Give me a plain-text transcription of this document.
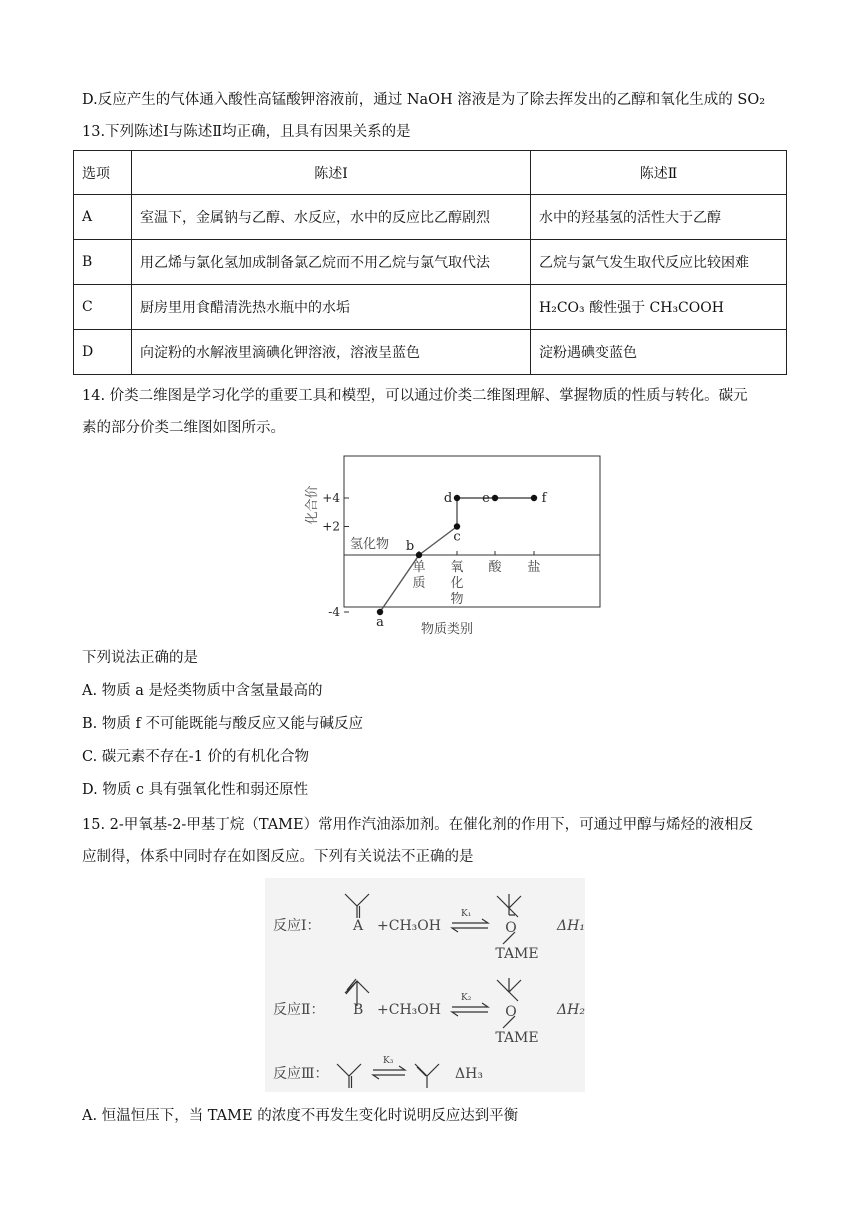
D.反应产生的气体通入酸性高锰酸钾溶液前，通过 NaOH 溶液是为了除去挥发出的乙醇和氧化生成的 SO₂
13.下列陈述Ⅰ与陈述Ⅱ均正确，且具有因果关系的是
选项	陈述Ⅰ	陈述Ⅱ
A	室温下，金属钠与乙醇、水反应，水中的反应比乙醇剧烈	水中的羟基氢的活性大于乙醇
B	用乙烯与氯化氢加成制备氯乙烷而不用乙烷与氯气取代法	乙烷与氯气发生取代反应比较困难
C	厨房里用食醋清洗热水瓶中的水垢	H₂CO₃ 酸性强于 CH₃COOH
D	向淀粉的水解液里滴碘化钾溶液，溶液呈蓝色	淀粉遇碘变蓝色
14. 价类二维图是学习化学的重要工具和模型，可以通过价类二维图理解、掌握物质的性质与转化。碳元
素的部分价类二维图如图所示。
化合价
物质类别
+4
+2
-4
氢化物
单
质
氧
化
物
酸 盐
a
b
c
d e	f
下列说法正确的是
A. 物质 a 是烃类物质中含氢量最高的
B. 物质 f 不可能既能与酸反应又能与碱反应
C. 碳元素不存在-1 价的有机化合物
D. 物质 c 具有强氧化性和弱还原性
15. 2-甲氧基-2-甲基丁烷（TAME）常用作汽油添加剂。在催化剂的作用下，可通过甲醇与烯烃的液相反
应制得，体系中同时存在如图反应。下列有关说法不正确的是
反应Ⅰ： A +CH₃OH
K₁
O
TAME
ΔH₁
反应Ⅱ： B +CH₃OH
K₂
O
TAME
ΔH₂
反应Ⅲ：
K₃
ΔH₃
A. 恒温恒压下，当 TAME 的浓度不再发生变化时说明反应达到平衡
